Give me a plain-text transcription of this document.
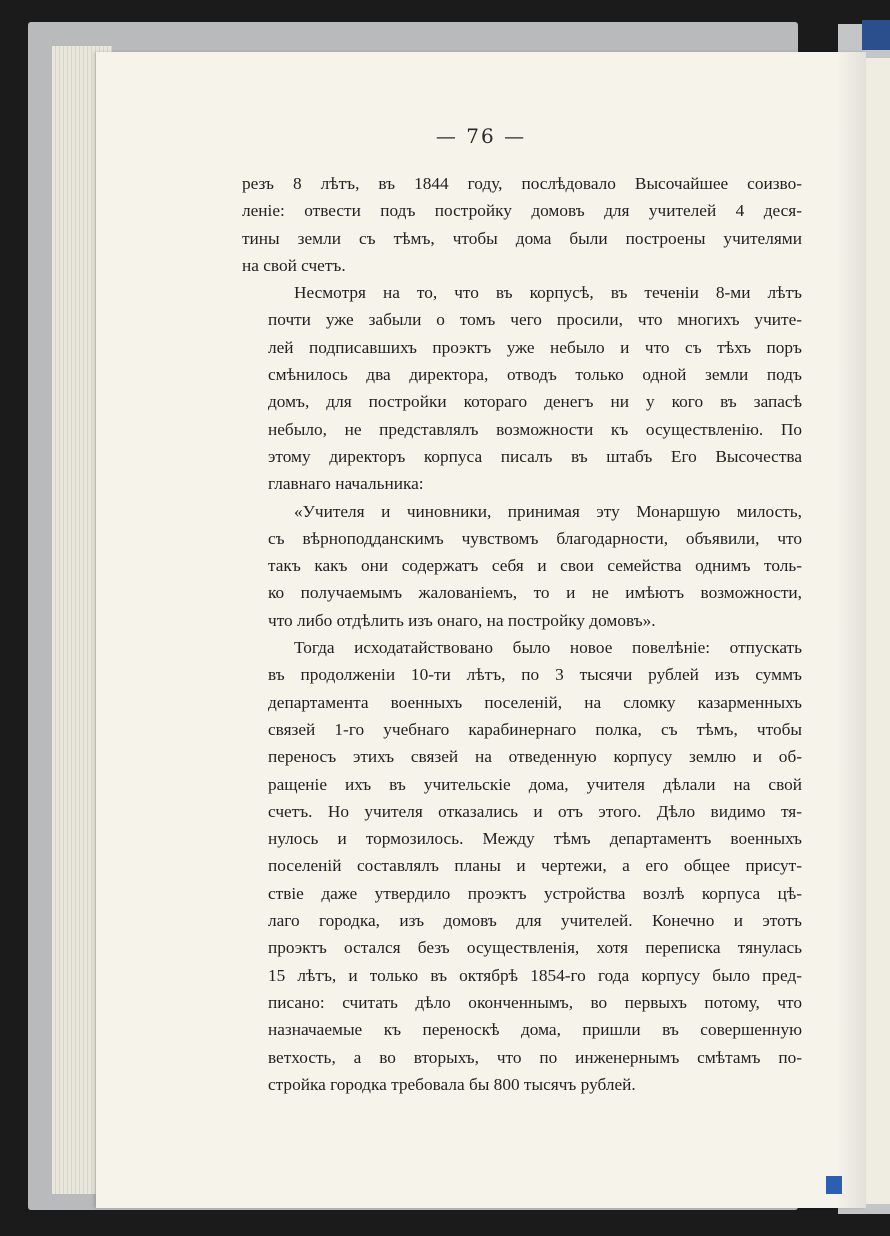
— 76 —
резъ 8 лѣтъ, въ 1844 году, послѣдовало Высочайшее соизво-
леніе: отвести подъ постройку домовъ для учителей 4 деся-
тины земли съ тѣмъ, чтобы дома были построены учителями
на свой счетъ.
Несмотря на то, что въ корпусѣ, въ теченіи 8-ми лѣтъ
почти уже забыли о томъ чего просили, что многихъ учите-
лей подписавшихъ проэктъ уже небыло и что съ тѣхъ поръ
смѣнилось два директора, отводъ только одной земли подъ
домъ, для постройки котораго денегъ ни у кого въ запасѣ
небыло, не представлялъ возможности къ осуществленію. По
этому директоръ корпуса писалъ въ штабъ Его Высочества
главнаго начальника:
«Учителя и чиновники, принимая эту Монаршую милость,
съ вѣрноподданскимъ чувствомъ благодарности, объявили, что
такъ какъ они содержатъ себя и свои семейства однимъ толь-
ко получаемымъ жалованіемъ, то и не имѣютъ возможности,
что либо отдѣлить изъ онаго, на постройку домовъ».
Тогда исходатайствовано было новое повелѣніе: отпускать
въ продолженіи 10-ти лѣтъ, по 3 тысячи рублей изъ суммъ
департамента военныхъ поселеній, на сломку казарменныхъ
связей 1-го учебнаго карабинернаго полка, съ тѣмъ, чтобы
переносъ этихъ связей на отведенную корпусу землю и об-
ращеніе ихъ въ учительскіе дома, учителя дѣлали на свой
счетъ. Но учителя отказались и отъ этого. Дѣло видимо тя-
нулось и тормозилось. Между тѣмъ департаментъ военныхъ
поселеній составлялъ планы и чертежи, а его общее присут-
ствіе даже утвердило проэктъ устройства возлѣ корпуса цѣ-
лаго городка, изъ домовъ для учителей. Конечно и этотъ
проэктъ остался безъ осуществленія, хотя переписка тянулась
15 лѣтъ, и только въ октябрѣ 1854-го года корпусу было пред-
писано: считать дѣло оконченнымъ, во первыхъ потому, что
назначаемые къ переноскѣ дома, пришли въ совершенную
ветхость, а во вторыхъ, что по инженернымъ смѣтамъ по-
стройка городка требовала бы 800 тысячъ рублей.
